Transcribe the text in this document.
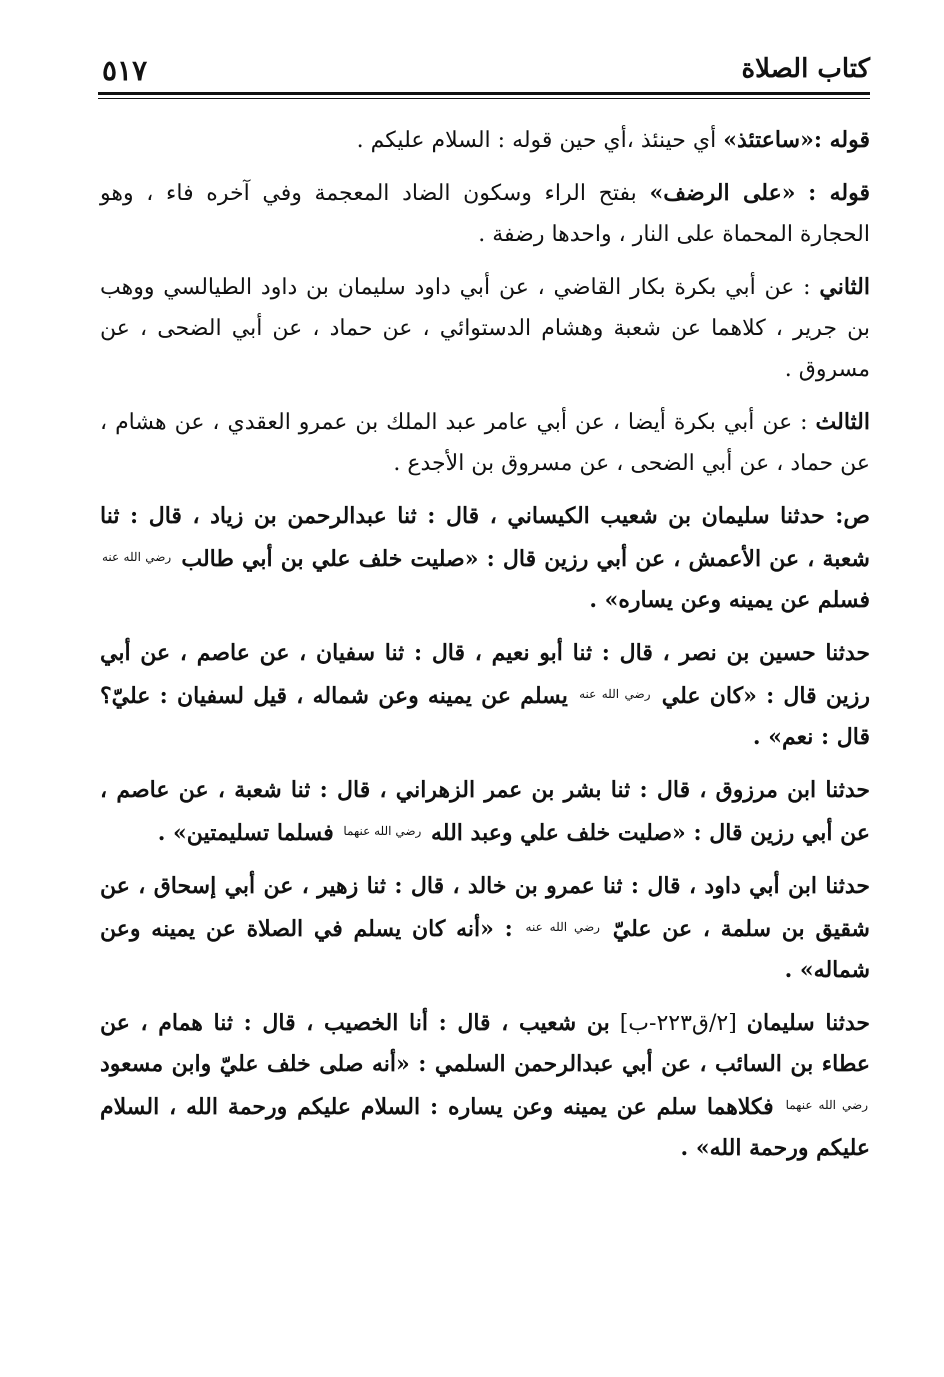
كتاب الصلاة
٥١٧

قوله :«ساعتئذ» أي حينئذ ،أي حين قوله : السلام عليكم .

قوله : «على الرضف» بفتح الراء وسكون الضاد المعجمة وفي آخره فاء ، وهو الحجارة المحماة على النار ، واحدها رضفة .

الثاني : عن أبي بكرة بكار القاضي ، عن أبي داود سليمان بن داود الطيالسي ووهب بن جرير ، كلاهما عن شعبة وهشام الدستوائي ، عن حماد ، عن أبي الضحى ، عن مسروق .

الثالث : عن أبي بكرة أيضا ، عن أبي عامر عبد الملك بن عمرو العقدي ، عن هشام ، عن حماد ، عن أبي الضحى ، عن مسروق بن الأجدع .

ص: حدثنا سليمان بن شعيب الكيساني ، قال : ثنا عبدالرحمن بن زياد ، قال : ثنا شعبة ، عن الأعمش ، عن أبي رزين قال : «صليت خلف علي بن أبي طالب $^{رضي الله عنه}$ فسلم عن يمينه وعن يساره» .

حدثنا حسين بن نصر ، قال : ثنا أبو نعيم ، قال : ثنا سفيان ، عن عاصم ، عن أبي رزين قال : «كان علي $^{رضي الله عنه}$ يسلم عن يمينه وعن شماله ، قيل لسفيان : عليّ؟ قال : نعم» .

حدثنا ابن مرزوق ، قال : ثنا بشر بن عمر الزهراني ، قال : ثنا شعبة ، عن عاصم ، عن أبي رزين قال : «صليت خلف علي وعبد الله $^{رضي الله عنهما}$ فسلما تسليمتين» .

حدثنا ابن أبي داود ، قال : ثنا عمرو بن خالد ، قال : ثنا زهير ، عن أبي إسحاق ، عن شقيق بن سلمة ، عن عليّ $^{رضي الله عنه}$ : «أنه كان يسلم في الصلاة عن يمينه وعن شماله» .

حدثنا سليمان [٢/ق٢٢٣-ب] بن شعيب ، قال : أنا الخصيب ، قال : ثنا همام ، عن عطاء بن السائب ، عن أبي عبدالرحمن السلمي : «أنه صلى خلف عليّ وابن مسعود $^{رضي الله عنهما}$ فكلاهما سلم عن يمينه وعن يساره : السلام عليكم ورحمة الله ، السلام عليكم ورحمة الله» .
